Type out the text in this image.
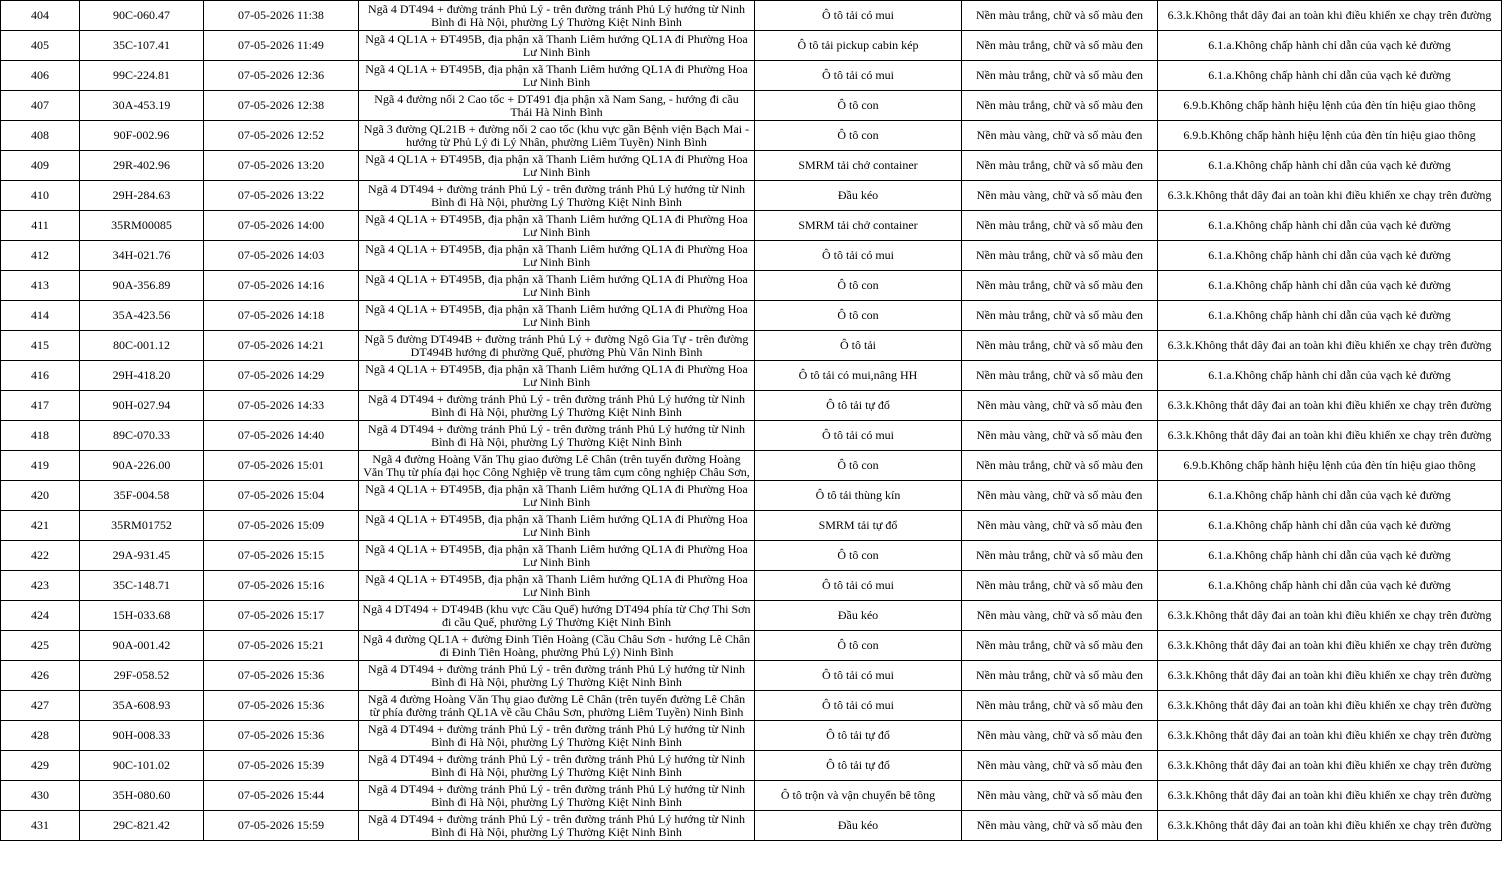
404	90C-060.47	07-05-2026 11:38	Ngã 4 DT494 + đường tránh Phủ Lý - trên đường tránh Phủ Lý hướng từ Ninh Bình đi Hà Nội, phường Lý Thường Kiệt Ninh Bình	Ô tô tải có mui	Nền màu trắng, chữ và số màu đen	6.3.k.Không thắt dây đai an toàn khi điều khiển xe chạy trên đường
405	35C-107.41	07-05-2026 11:49	Ngã 4 QL1A + ĐT495B, địa phận xã Thanh Liêm hướng QL1A đi Phường Hoa Lư Ninh Bình	Ô tô tải pickup cabin kép	Nền màu trắng, chữ và số màu đen	6.1.a.Không chấp hành chỉ dẫn của vạch kẻ đường
406	99C-224.81	07-05-2026 12:36	Ngã 4 QL1A + ĐT495B, địa phận xã Thanh Liêm hướng QL1A đi Phường Hoa Lư Ninh Bình	Ô tô tải có mui	Nền màu trắng, chữ và số màu đen	6.1.a.Không chấp hành chỉ dẫn của vạch kẻ đường
407	30A-453.19	07-05-2026 12:38	Ngã 4 đường nối 2 Cao tốc + DT491 địa phận xã Nam Sang, - hướng đi cầu Thái Hà Ninh Bình	Ô tô con	Nền màu trắng, chữ và số màu đen	6.9.b.Không chấp hành hiệu lệnh của đèn tín hiệu giao thông
408	90F-002.96	07-05-2026 12:52	Ngã 3 đường QL21B + đường nối 2 cao tốc (khu vực gần Bệnh viện Bạch Mai - hướng từ Phủ Lý đi Lý Nhân, phường Liêm Tuyền) Ninh Bình	Ô tô con	Nền màu vàng, chữ và số màu đen	6.9.b.Không chấp hành hiệu lệnh của đèn tín hiệu giao thông
409	29R-402.96	07-05-2026 13:20	Ngã 4 QL1A + ĐT495B, địa phận xã Thanh Liêm hướng QL1A đi Phường Hoa Lư Ninh Bình	SMRM tải chở container	Nền màu trắng, chữ và số màu đen	6.1.a.Không chấp hành chỉ dẫn của vạch kẻ đường
410	29H-284.63	07-05-2026 13:22	Ngã 4 DT494 + đường tránh Phủ Lý - trên đường tránh Phủ Lý hướng từ Ninh Bình đi Hà Nội, phường Lý Thường Kiệt Ninh Bình	Đầu kéo	Nền màu vàng, chữ và số màu đen	6.3.k.Không thắt dây đai an toàn khi điều khiển xe chạy trên đường
411	35RM00085	07-05-2026 14:00	Ngã 4 QL1A + ĐT495B, địa phận xã Thanh Liêm hướng QL1A đi Phường Hoa Lư Ninh Bình	SMRM tải chở container	Nền màu trắng, chữ và số màu đen	6.1.a.Không chấp hành chỉ dẫn của vạch kẻ đường
412	34H-021.76	07-05-2026 14:03	Ngã 4 QL1A + ĐT495B, địa phận xã Thanh Liêm hướng QL1A đi Phường Hoa Lư Ninh Bình	Ô tô tải có mui	Nền màu trắng, chữ và số màu đen	6.1.a.Không chấp hành chỉ dẫn của vạch kẻ đường
413	90A-356.89	07-05-2026 14:16	Ngã 4 QL1A + ĐT495B, địa phận xã Thanh Liêm hướng QL1A đi Phường Hoa Lư Ninh Bình	Ô tô con	Nền màu trắng, chữ và số màu đen	6.1.a.Không chấp hành chỉ dẫn của vạch kẻ đường
414	35A-423.56	07-05-2026 14:18	Ngã 4 QL1A + ĐT495B, địa phận xã Thanh Liêm hướng QL1A đi Phường Hoa Lư Ninh Bình	Ô tô con	Nền màu trắng, chữ và số màu đen	6.1.a.Không chấp hành chỉ dẫn của vạch kẻ đường
415	80C-001.12	07-05-2026 14:21	Ngã 5 đường DT494B + đường tránh Phủ Lý + đường Ngô Gia Tự - trên đường DT494B hướng đi phường Quế, phường Phù Vân Ninh Bình	Ô tô tải	Nền màu trắng, chữ và số màu đen	6.3.k.Không thắt dây đai an toàn khi điều khiển xe chạy trên đường
416	29H-418.20	07-05-2026 14:29	Ngã 4 QL1A + ĐT495B, địa phận xã Thanh Liêm hướng QL1A đi Phường Hoa Lư Ninh Bình	Ô tô tải có mui,nâng HH	Nền màu trắng, chữ và số màu đen	6.1.a.Không chấp hành chỉ dẫn của vạch kẻ đường
417	90H-027.94	07-05-2026 14:33	Ngã 4 DT494 + đường tránh Phủ Lý - trên đường tránh Phủ Lý hướng từ Ninh Bình đi Hà Nội, phường Lý Thường Kiệt Ninh Bình	Ô tô tải tự đổ	Nền màu vàng, chữ và số màu đen	6.3.k.Không thắt dây đai an toàn khi điều khiển xe chạy trên đường
418	89C-070.33	07-05-2026 14:40	Ngã 4 DT494 + đường tránh Phủ Lý - trên đường tránh Phủ Lý hướng từ Ninh Bình đi Hà Nội, phường Lý Thường Kiệt Ninh Bình	Ô tô tải có mui	Nền màu vàng, chữ và số màu đen	6.3.k.Không thắt dây đai an toàn khi điều khiển xe chạy trên đường
419	90A-226.00	07-05-2026 15:01	Ngã 4 đường Hoàng Văn Thụ giao đường Lê Chân (trên tuyến đường Hoàng Văn Thụ từ phía đại học Công Nghiệp về trung tâm cụm công nghiệp Châu Sơn,	Ô tô con	Nền màu trắng, chữ và số màu đen	6.9.b.Không chấp hành hiệu lệnh của đèn tín hiệu giao thông
420	35F-004.58	07-05-2026 15:04	Ngã 4 QL1A + ĐT495B, địa phận xã Thanh Liêm hướng QL1A đi Phường Hoa Lư Ninh Bình	Ô tô tải thùng kín	Nền màu vàng, chữ và số màu đen	6.1.a.Không chấp hành chỉ dẫn của vạch kẻ đường
421	35RM01752	07-05-2026 15:09	Ngã 4 QL1A + ĐT495B, địa phận xã Thanh Liêm hướng QL1A đi Phường Hoa Lư Ninh Bình	SMRM tải tự đổ	Nền màu vàng, chữ và số màu đen	6.1.a.Không chấp hành chỉ dẫn của vạch kẻ đường
422	29A-931.45	07-05-2026 15:15	Ngã 4 QL1A + ĐT495B, địa phận xã Thanh Liêm hướng QL1A đi Phường Hoa Lư Ninh Bình	Ô tô con	Nền màu trắng, chữ và số màu đen	6.1.a.Không chấp hành chỉ dẫn của vạch kẻ đường
423	35C-148.71	07-05-2026 15:16	Ngã 4 QL1A + ĐT495B, địa phận xã Thanh Liêm hướng QL1A đi Phường Hoa Lư Ninh Bình	Ô tô tải có mui	Nền màu trắng, chữ và số màu đen	6.1.a.Không chấp hành chỉ dẫn của vạch kẻ đường
424	15H-033.68	07-05-2026 15:17	Ngã 4 DT494 + DT494B (khu vực Cầu Quế) hướng DT494 phía từ Chợ Thi Sơn đi cầu Quế, phường Lý Thường Kiệt Ninh Bình	Đầu kéo	Nền màu vàng, chữ và số màu đen	6.3.k.Không thắt dây đai an toàn khi điều khiển xe chạy trên đường
425	90A-001.42	07-05-2026 15:21	Ngã 4 đường QL1A + đường Đinh Tiên Hoàng (Cầu Châu Sơn - hướng Lê Chân đi Đinh Tiên Hoàng, phường Phủ Lý) Ninh Bình	Ô tô con	Nền màu trắng, chữ và số màu đen	6.3.k.Không thắt dây đai an toàn khi điều khiển xe chạy trên đường
426	29F-058.52	07-05-2026 15:36	Ngã 4 DT494 + đường tránh Phủ Lý - trên đường tránh Phủ Lý hướng từ Ninh Bình đi Hà Nội, phường Lý Thường Kiệt Ninh Bình	Ô tô tải có mui	Nền màu trắng, chữ và số màu đen	6.3.k.Không thắt dây đai an toàn khi điều khiển xe chạy trên đường
427	35A-608.93	07-05-2026 15:36	Ngã 4 đường Hoàng Văn Thụ giao đường Lê Chân (trên tuyến đường Lê Chân từ phía đường tránh QL1A về cầu Châu Sơn, phường Liêm Tuyền) Ninh Bình	Ô tô tải có mui	Nền màu trắng, chữ và số màu đen	6.3.k.Không thắt dây đai an toàn khi điều khiển xe chạy trên đường
428	90H-008.33	07-05-2026 15:36	Ngã 4 DT494 + đường tránh Phủ Lý - trên đường tránh Phủ Lý hướng từ Ninh Bình đi Hà Nội, phường Lý Thường Kiệt Ninh Bình	Ô tô tải tự đổ	Nền màu vàng, chữ và số màu đen	6.3.k.Không thắt dây đai an toàn khi điều khiển xe chạy trên đường
429	90C-101.02	07-05-2026 15:39	Ngã 4 DT494 + đường tránh Phủ Lý - trên đường tránh Phủ Lý hướng từ Ninh Bình đi Hà Nội, phường Lý Thường Kiệt Ninh Bình	Ô tô tải tự đổ	Nền màu vàng, chữ và số màu đen	6.3.k.Không thắt dây đai an toàn khi điều khiển xe chạy trên đường
430	35H-080.60	07-05-2026 15:44	Ngã 4 DT494 + đường tránh Phủ Lý - trên đường tránh Phủ Lý hướng từ Ninh Bình đi Hà Nội, phường Lý Thường Kiệt Ninh Bình	Ô tô trộn và vận chuyển bê tông	Nền màu vàng, chữ và số màu đen	6.3.k.Không thắt dây đai an toàn khi điều khiển xe chạy trên đường
431	29C-821.42	07-05-2026 15:59	Ngã 4 DT494 + đường tránh Phủ Lý - trên đường tránh Phủ Lý hướng từ Ninh Bình đi Hà Nội, phường Lý Thường Kiệt Ninh Bình	Đầu kéo	Nền màu vàng, chữ và số màu đen	6.3.k.Không thắt dây đai an toàn khi điều khiển xe chạy trên đường
